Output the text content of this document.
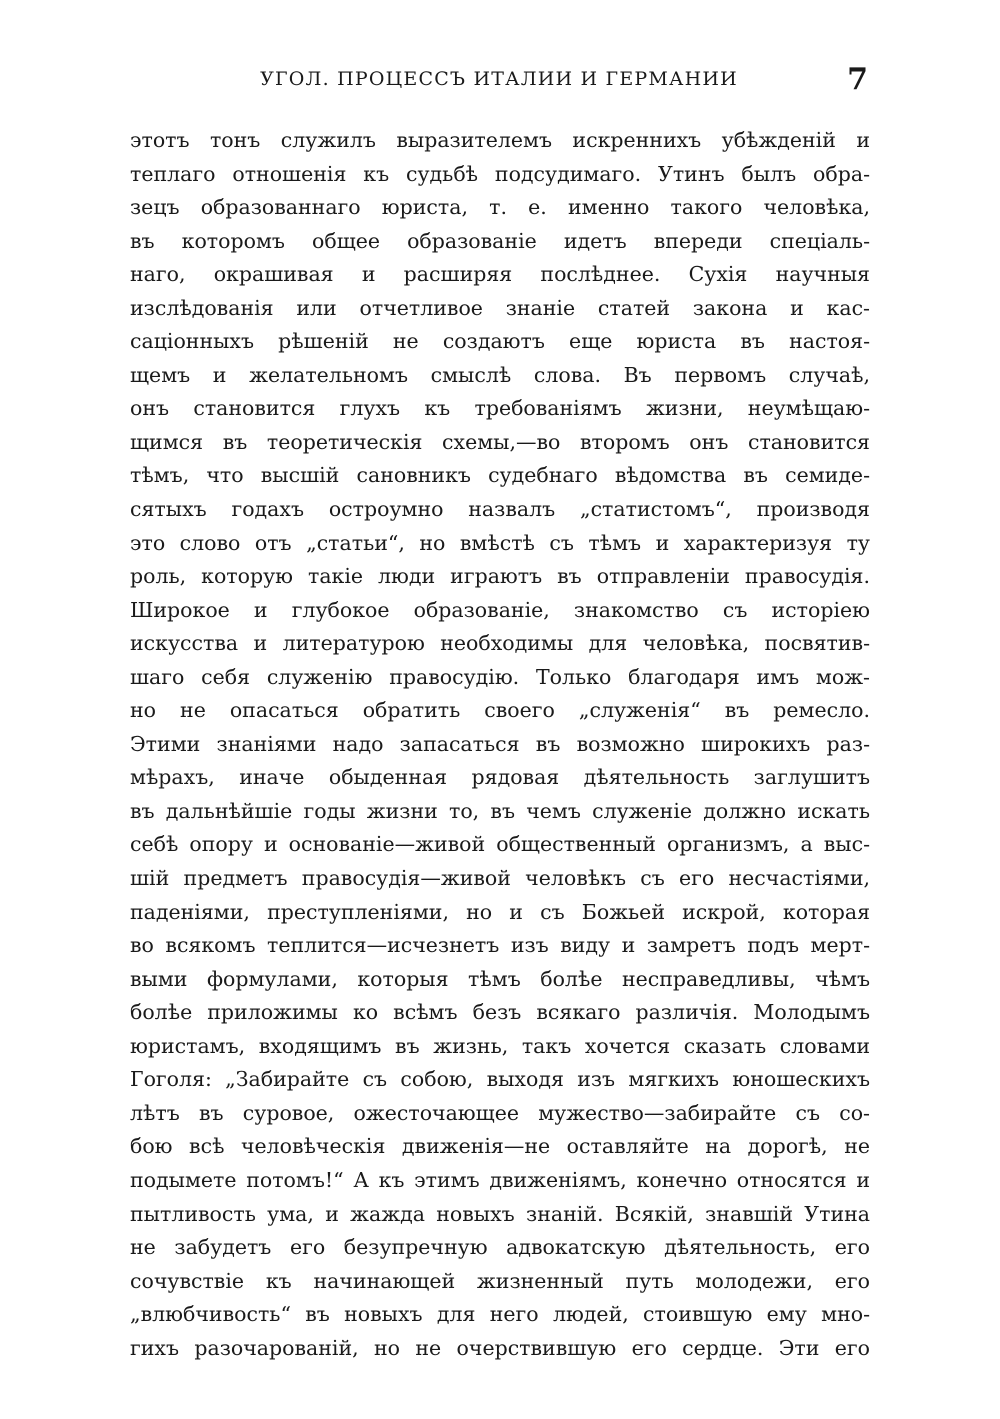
УГОЛ. ПРОЦЕССЪ ИТАЛИИ И ГЕРМАНИИ	7
этотъ тонъ служилъ выразителемъ искреннихъ убѣжденій и
теплаго отношенія къ судьбѣ подсудимаго. Утинъ былъ обра-
зецъ образованнаго юриста, т. е. именно такого человѣка,
въ которомъ общее образованіе идетъ впереди спеціаль-
наго, окрашивая и расширяя послѣднее. Сухія научныя
изслѣдованія или отчетливое знаніе статей закона и кас-
саціонныхъ рѣшеній не создаютъ еще юриста въ настоя-
щемъ и желательномъ смыслѣ слова. Въ первомъ случаѣ,
онъ становится глухъ къ требованіямъ жизни, неумѣщаю-
щимся въ теоретическія схемы,—во второмъ онъ становится
тѣмъ, что высшій сановникъ судебнаго вѣдомства въ семиде-
сятыхъ годахъ остроумно назвалъ „статистомъ“, производя
это слово отъ „статьи“, но вмѣстѣ съ тѣмъ и характеризуя ту
роль, которую такіе люди играютъ въ отправленіи правосудія.
Широкое и глубокое образованіе, знакомство съ исторіею
искусства и литературою необходимы для человѣка, посвятив-
шаго себя служенію правосудію. Только благодаря имъ мож-
но не опасаться обратить своего „служенія“ въ ремесло.
Этими знаніями надо запасаться въ возможно широкихъ раз-
мѣрахъ, иначе обыденная рядовая дѣятельность заглушитъ
въ дальнѣйшіе годы жизни то, въ чемъ служеніе должно искать
себѣ опору и основаніе—живой общественный организмъ, а выс-
шій предметъ правосудія—живой человѣкъ съ его несчастіями,
паденіями, преступленіями, но и съ Божьей искрой, которая
во всякомъ теплится—исчезнетъ изъ виду и замретъ подъ мерт-
выми формулами, которыя тѣмъ болѣе несправедливы, чѣмъ
болѣе приложимы ко всѣмъ безъ всякаго различія. Молодымъ
юристамъ, входящимъ въ жизнь, такъ хочется сказать словами
Гоголя: „Забирайте съ собою, выходя изъ мягкихъ юношескихъ
лѣтъ въ суровое, ожесточающее мужество—забирайте съ со-
бою всѣ человѣческія движенія—не оставляйте на дорогѣ, не
подымете потомъ!“ А къ этимъ движеніямъ, конечно относятся и
пытливость ума, и жажда новыхъ знаній. Всякій, знавшій Утина
не забудетъ его безупречную адвокатскую дѣятельность, его
сочувствіе къ начинающей жизненный путь молодежи, его
„влюбчивость“ въ новыхъ для него людей, стоившую ему мно-
гихъ разочарованій, но не очерствившую его сердце. Эти его
